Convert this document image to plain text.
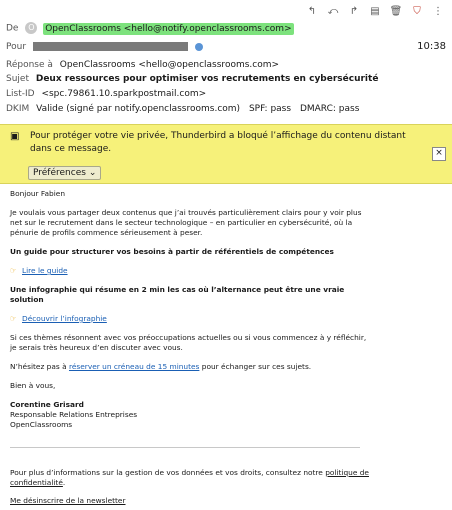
↰	⤺	↱	▤ 🗑	⛉	⋮
De O OpenClassrooms <hello@notify.openclassrooms.com>
Pour	10:38
Réponse à OpenClassrooms <hello@openclassrooms.com>
Sujet Deux ressources pour optimiser vos recrutements en cybersécurité
List-ID <spc.79861.10.sparkpostmail.com>
DKIM Valide (signé par notify.openclassrooms.com) SPF: pass DMARC: pass
▣ Pour protéger votre vie privée, Thunderbird a bloqué l’affichage du contenu distant dans ce message.	×
Préférences ⌄

Bonjour Fabien

Je voulais vous partager deux contenus que j’ai trouvés particulièrement clairs pour y voir plus net sur le recrutement dans le secteur technologique – en particulier en cybersécurité, où la pénurie de profils commence sérieusement à peser.

Un guide pour structurer vos besoins à partir de référentiels de compétences

☞ Lire le guide

Une infographie qui résume en 2 min les cas où l’alternance peut être une vraie solution

☞ Découvrir l’infographie

Si ces thèmes résonnent avec vos préoccupations actuelles ou si vous commencez à y réfléchir, je serais très heureux d’en discuter avec vous.

N’hésitez pas à réserver un créneau de 15 minutes pour échanger sur ces sujets.

Bien à vous,

Corentine Grisard
Responsable Relations Entreprises
OpenClassrooms

Pour plus d’informations sur la gestion de vos données et vos droits, consultez notre politique de confidentialité.

Me désinscrire de la newsletter
